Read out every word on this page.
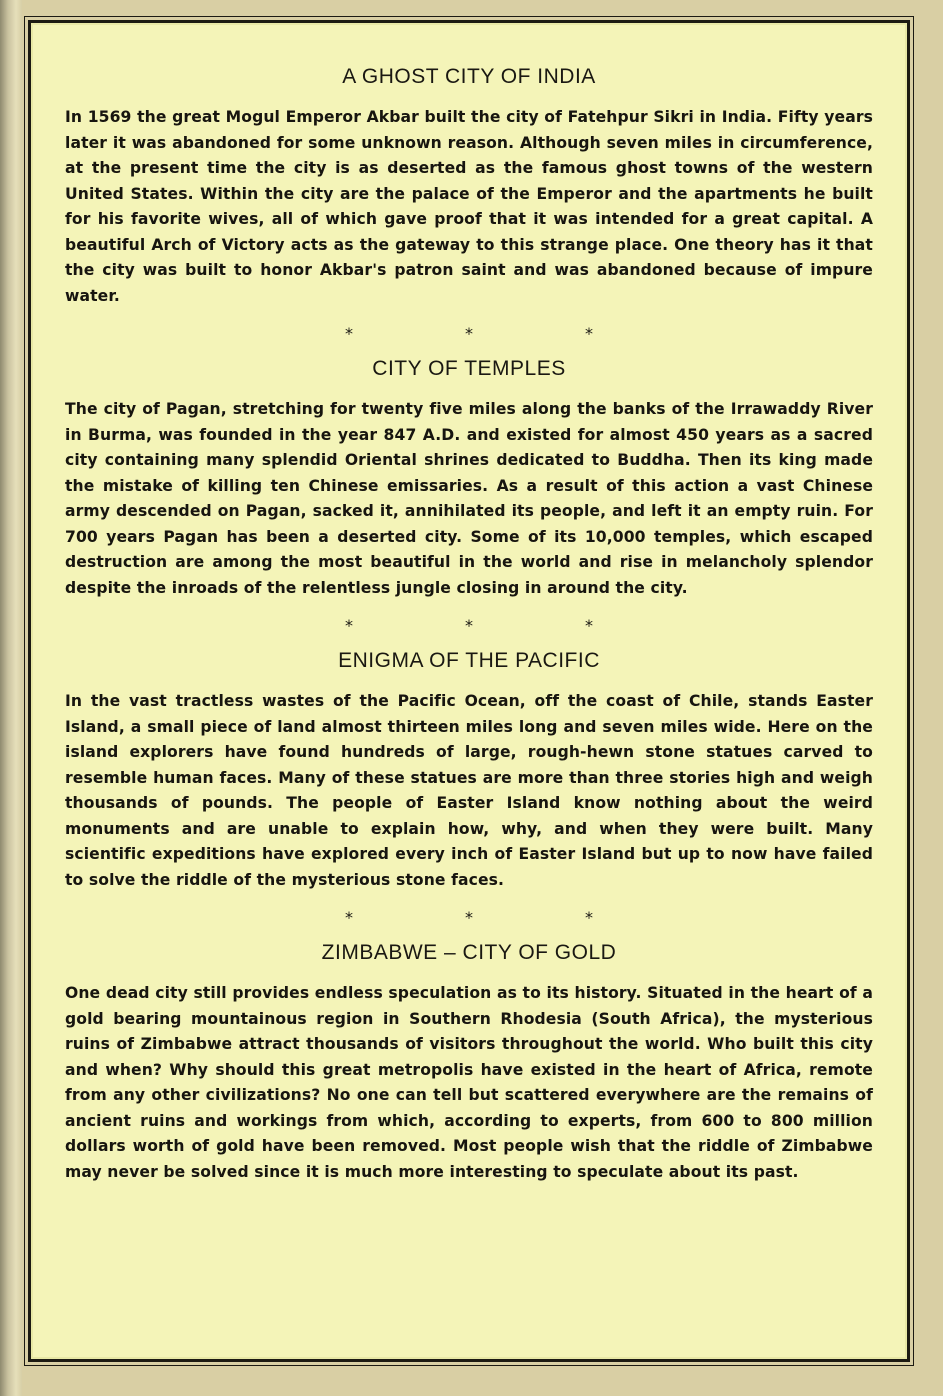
A GHOST CITY OF INDIA

In 1569 the great Mogul Emperor Akbar built the city of Fatehpur Sikri in India. Fifty years later it was abandoned for some unknown reason. Although seven miles in circumference, at the present time the city is as deserted as the famous ghost towns of the western United States. Within the city are the palace of the Emperor and the apartments he built for his favorite wives, all of which gave proof that it was intended for a great capital. A beautiful Arch of Victory acts as the gateway to this strange place. One theory has it that the city was built to honor Akbar's patron saint and was abandoned because of impure water.

*	*	*
CITY OF TEMPLES

The city of Pagan, stretching for twenty five miles along the banks of the Irrawaddy River in Burma, was founded in the year 847 A.D. and existed for almost 450 years as a sacred city containing many splendid Oriental shrines dedicated to Buddha. Then its king made the mistake of killing ten Chinese emissaries. As a result of this action a vast Chinese army descended on Pagan, sacked it, annihilated its people, and left it an empty ruin. For 700 years Pagan has been a deserted city. Some of its 10,000 temples, which escaped destruction are among the most beautiful in the world and rise in melancholy splendor despite the inroads of the relentless jungle closing in around the city.

*	*	*
ENIGMA OF THE PACIFIC

In the vast tractless wastes of the Pacific Ocean, off the coast of Chile, stands Easter Island, a small piece of land almost thirteen miles long and seven miles wide. Here on the island explorers have found hundreds of large, rough-hewn stone statues carved to resemble human faces. Many of these statues are more than three stories high and weigh thousands of pounds. The people of Easter Island know nothing about the weird monuments and are unable to explain how, why, and when they were built. Many scientific expeditions have explored every inch of Easter Island but up to now have failed to solve the riddle of the mysterious stone faces.

*	*	*
ZIMBABWE – CITY OF GOLD

One dead city still provides endless speculation as to its history. Situated in the heart of a gold bearing mountainous region in Southern Rhodesia (South Africa), the mysterious ruins of Zimbabwe attract thousands of visitors throughout the world. Who built this city and when? Why should this great metropolis have existed in the heart of Africa, remote from any other civilizations? No one can tell but scattered everywhere are the remains of ancient ruins and workings from which, according to experts, from 600 to 800 million dollars worth of gold have been removed. Most people wish that the riddle of Zimbabwe may never be solved since it is much more interesting to speculate about its past.
